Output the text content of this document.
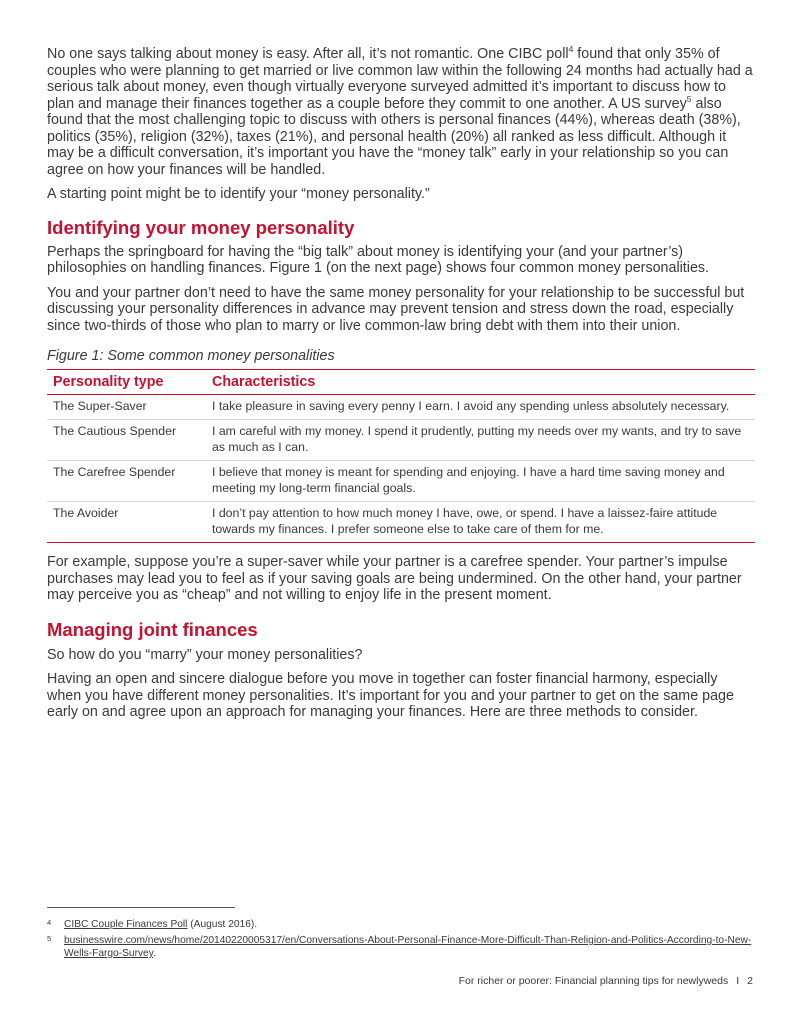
No one says talking about money is easy. After all, it’s not romantic. One CIBC poll$^4$ found that only 35% of couples who were planning to get married or live common law within the following 24 months had actually had a serious talk about money, even though virtually everyone surveyed admitted it’s important to discuss how to plan and manage their finances together as a couple before they commit to one another. A US survey$^5$ also found that the most challenging topic to discuss with others is personal finances (44%), whereas death (38%), politics (35%), religion (32%), taxes (21%), and personal health (20%) all ranked as less difficult. Although it may be a difficult conversation, it’s important you have the “money talk” early in your relationship so you can agree on how your finances will be handled.

A starting point might be to identify your “money personality.”

Identifying your money personality

Perhaps the springboard for having the “big talk” about money is identifying your (and your partner’s) philosophies on handling finances. Figure 1 (on the next page) shows four common money personalities.

You and your partner don’t need to have the same money personality for your relationship to be successful but discussing your personality differences in advance may prevent tension and stress down the road, especially since two-thirds of those who plan to marry or live common-law bring debt with them into their union.

Figure 1: Some common money personalities
Personality type	Characteristics
The Super-Saver	I take pleasure in saving every penny I earn. I avoid any spending unless absolutely necessary.
The Cautious Spender	I am careful with my money. I spend it prudently, putting my needs over my wants, and try to save as much as I can.
The Carefree Spender	I believe that money is meant for spending and enjoying. I have a hard time saving money and meeting my long-term financial goals.
The Avoider	I don’t pay attention to how much money I have, owe, or spend. I have a laissez-faire attitude towards my finances. I prefer someone else to take care of them for me.

For example, suppose you’re a super-saver while your partner is a carefree spender. Your partner’s impulse purchases may lead you to feel as if your saving goals are being undermined. On the other hand, your partner may perceive you as “cheap” and not willing to enjoy life in the present moment.

Managing joint finances

So how do you “marry” your money personalities?

Having an open and sincere dialogue before you move in together can foster financial harmony, especially when you have different money personalities. It’s important for you and your partner to get on the same page early on and agree upon an approach for managing your finances. Here are three methods to consider.

4 CIBC Couple Finances Poll (August 2016).
5 businesswire.com/news/home/20140220005317/en/Conversations-About-Personal-Finance-More-Difficult-Than-Religion-and-Politics-According-to-New-Wells-Fargo-Survey.
For richer or poorer: Financial planning tips for newlyweds I 2
